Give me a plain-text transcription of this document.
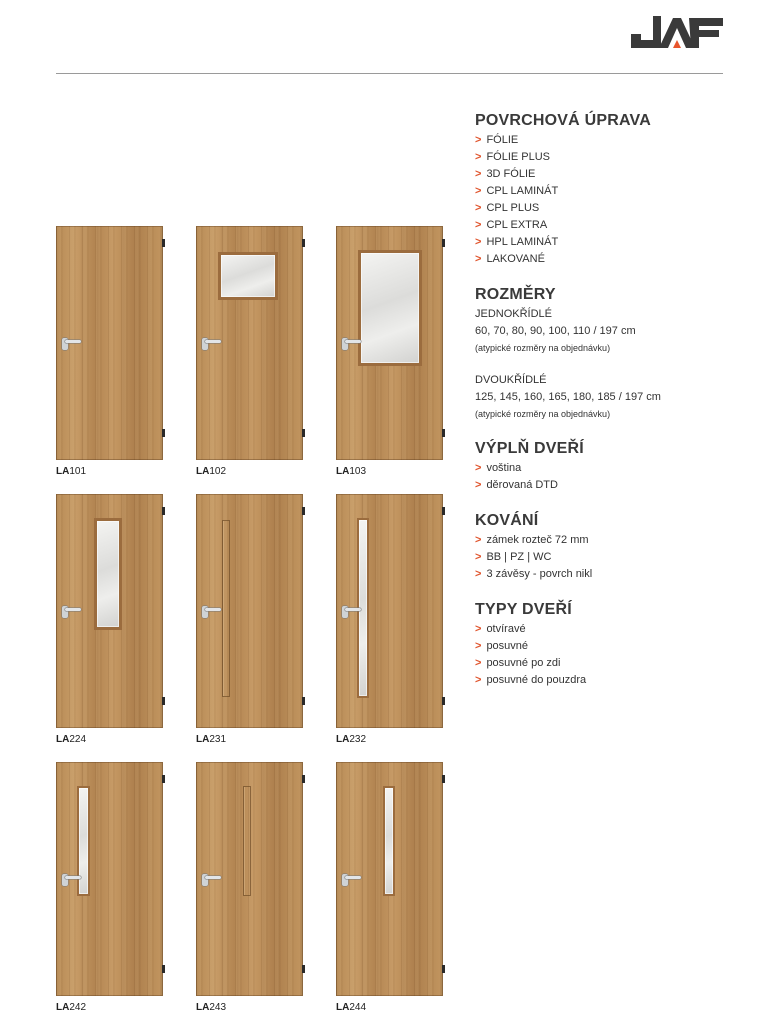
LA101	LA102	LA103
LA224	LA231	LA232
LA242	LA243	LA244
POVRCHOVÁ ÚPRAVA
> FÓLIE
> FÓLIE PLUS
> 3D FÓLIE
> CPL LAMINÁT
> CPL PLUS
> CPL EXTRA
> HPL LAMINÁT
> LAKOVANÉ
ROZMĚRY
JEDNOKŘÍDLÉ
60, 70, 80, 90, 100, 110 / 197 cm
(atypické rozměry na objednávku)
DVOUKŘÍDLÉ
125, 145, 160, 165, 180, 185 / 197 cm
(atypické rozměry na objednávku)
VÝPLŇ DVEŘÍ
> voština
> děrovaná DTD
KOVÁNÍ
> zámek rozteč 72 mm
> BB | PZ | WC
> 3 závěsy - povrch nikl
TYPY DVEŘÍ
> otvíravé
> posuvné
> posuvné po zdi
> posuvné do pouzdra
